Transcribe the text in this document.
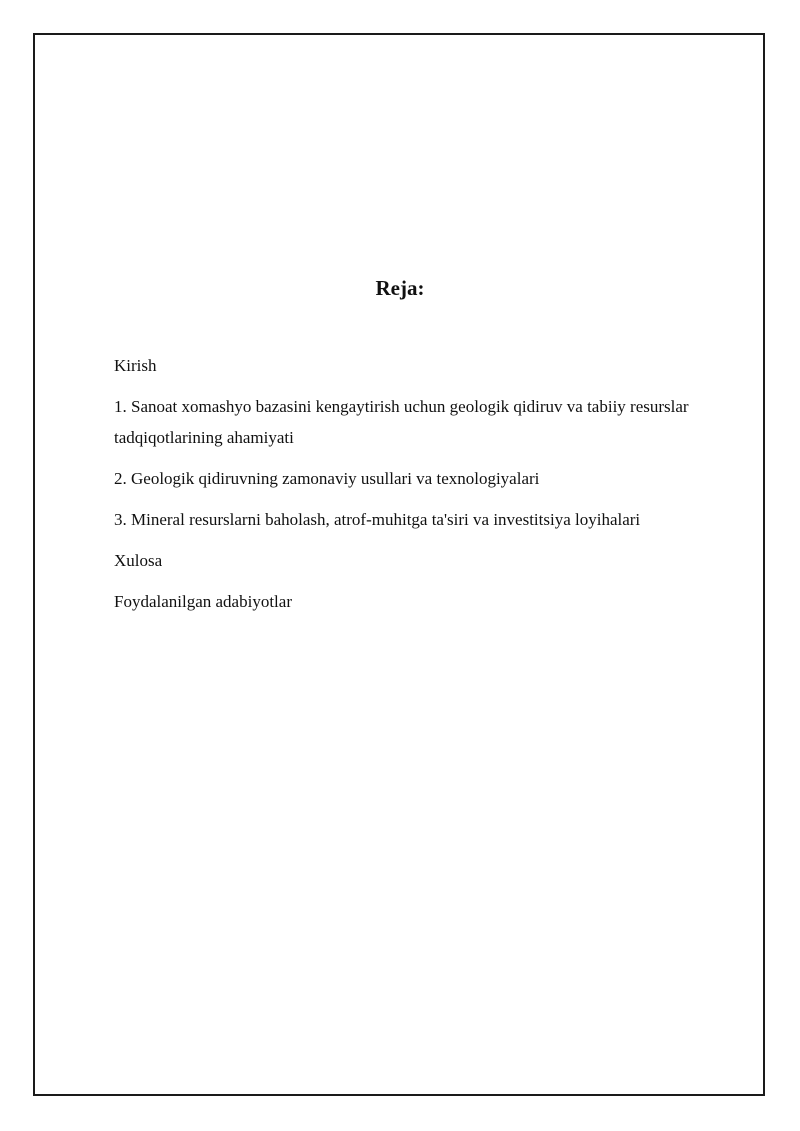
Reja:
Kirish
1. Sanoat xomashyo bazasini kengaytirish uchun geologik qidiruv va tabiiy resurslar tadqiqotlarining ahamiyati
2. Geologik qidiruvning zamonaviy usullari va texnologiyalari
3. Mineral resurslarni baholash, atrof-muhitga ta'siri va investitsiya loyihalari
Xulosa
Foydalanilgan adabiyotlar
